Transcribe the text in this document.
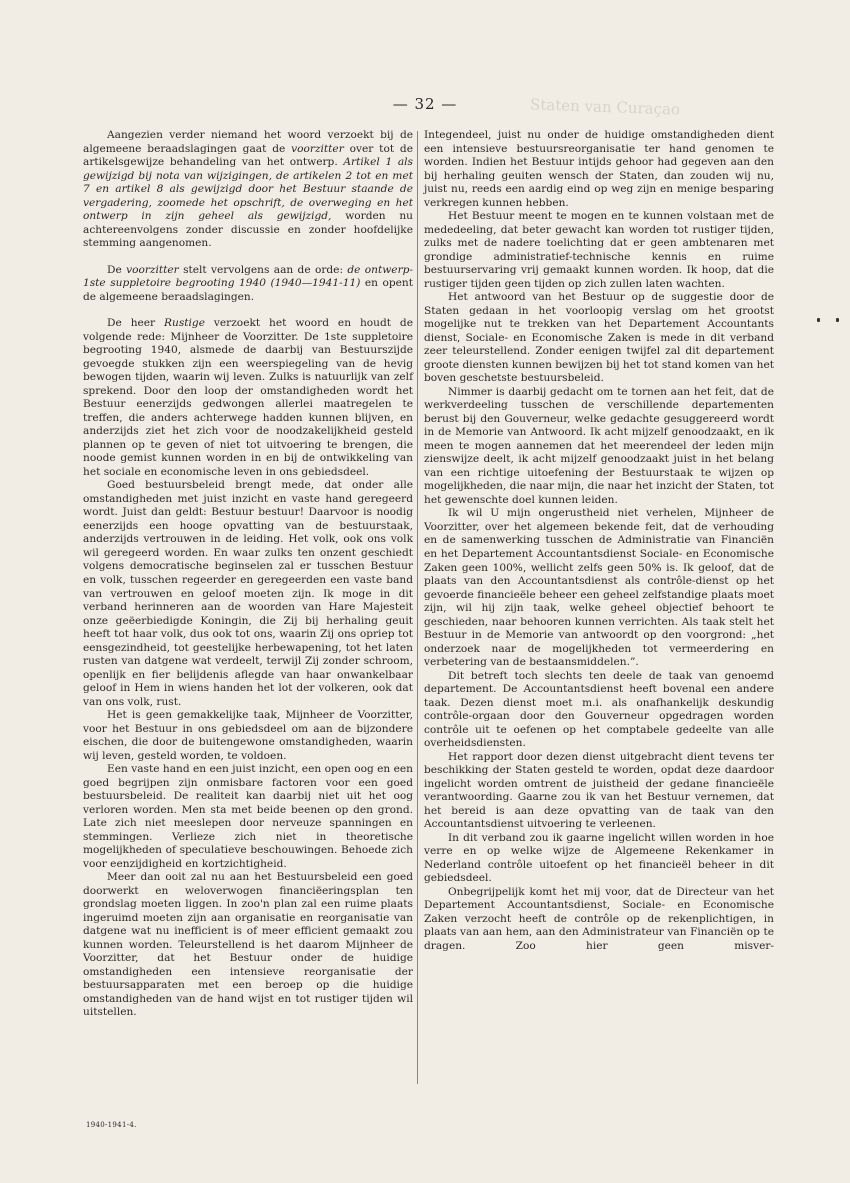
Staten van Curaçao
— 32 —

Aangezien verder niemand het woord verzoekt bij de algemeene beraadslagingen gaat de voorzitter over tot de artikelsgewijze behandeling van het ontwerp. Artikel 1 als gewijzigd bij nota van wijzigingen, de artikelen 2 tot en met 7 en artikel 8 als gewijzigd door het Bestuur staande de vergadering, zoomede het opschrift, de overweging en het ontwerp in zijn geheel als gewijzigd, worden nu achtereenvolgens zonder discussie en zonder hoofdelijke stemming aangenomen.

De voorzitter stelt vervolgens aan de orde: de ontwerp-1ste suppletoire begrooting 1940 (1940—1941-11) en opent de algemeene beraadslagingen.

De heer Rustige verzoekt het woord en houdt de volgende rede: Mijnheer de Voorzitter. De 1ste suppletoire begrooting 1940, alsmede de daarbij van Bestuurszijde gevoegde stukken zijn een weerspiegeling van de hevig bewogen tijden, waarin wij leven. Zulks is natuurlijk van zelf sprekend. Door den loop der omstandigheden wordt het Bestuur eenerzijds gedwongen allerlei maatregelen te treffen, die anders achterwege hadden kunnen blijven, en anderzijds ziet het zich voor de noodzakelijkheid gesteld plannen op te geven of niet tot uitvoering te brengen, die noode gemist kunnen worden in en bij de ontwikkeling van het sociale en economische leven in ons gebiedsdeel.

Goed bestuursbeleid brengt mede, dat onder alle omstandigheden met juist inzicht en vaste hand geregeerd wordt. Juist dan geldt: Bestuur bestuur! Daarvoor is noodig eenerzijds een hooge opvatting van de bestuurstaak, anderzijds vertrouwen in de leiding. Het volk, ook ons volk wil geregeerd worden. En waar zulks ten onzent geschiedt volgens democratische beginselen zal er tusschen Bestuur en volk, tusschen regeerder en geregeerden een vaste band van vertrouwen en geloof moeten zijn. Ik moge in dit verband herinneren aan de woorden van Hare Majesteit onze geëerbiedigde Koningin, die Zij bij herhaling geuit heeft tot haar volk, dus ook tot ons, waarin Zij ons opriep tot eensgezindheid, tot geestelijke herbewapening, tot het laten rusten van datgene wat verdeelt, terwijl Zij zonder schroom, openlijk en fier belijdenis aflegde van haar onwankelbaar geloof in Hem in wiens handen het lot der volkeren, ook dat van ons volk, rust.

Het is geen gemakkelijke taak, Mijnheer de Voorzitter, voor het Bestuur in ons gebiedsdeel om aan de bijzondere eischen, die door de buitengewone omstandigheden, waarin wij leven, gesteld worden, te voldoen.

Een vaste hand en een juist inzicht, een open oog en een goed begrijpen zijn onmisbare factoren voor een goed bestuursbeleid. De realiteit kan daarbij niet uit het oog verloren worden. Men sta met beide beenen op den grond. Late zich niet meeslepen door nerveuze spanningen en stemmingen. Verlieze zich niet in theoretische mogelijkheden of speculatieve beschouwingen. Behoede zich voor eenzijdigheid en kortzichtigheid.

Meer dan ooit zal nu aan het Bestuursbeleid een goed doorwerkt en weloverwogen financiëeringsplan ten grondslag moeten liggen. In zoo'n plan zal een ruime plaats ingeruimd moeten zijn aan organisatie en reorganisatie van datgene wat nu inefficient is of meer efficient gemaakt zou kunnen worden. Teleurstellend is het daarom Mijnheer de Voorzitter, dat het Bestuur onder de huidige omstandigheden een intensieve reorganisatie der bestuursapparaten met een beroep op die huidige omstandigheden van de hand wijst en tot rustiger tijden wil uitstellen.

Integendeel, juist nu onder de huidige omstandigheden dient een intensieve bestuursreorganisatie ter hand genomen te worden. Indien het Bestuur intijds gehoor had gegeven aan den bij herhaling geuiten wensch der Staten, dan zouden wij nu, juist nu, reeds een aardig eind op weg zijn en menige besparing verkregen kunnen hebben.

Het Bestuur meent te mogen en te kunnen volstaan met de mededeeling, dat beter gewacht kan worden tot rustiger tijden, zulks met de nadere toelichting dat er geen ambtenaren met grondige administratief-technische kennis en ruime bestuurservaring vrij gemaakt kunnen worden. Ik hoop, dat die rustiger tijden geen tijden op zich zullen laten wachten.

Het antwoord van het Bestuur op de suggestie door de Staten gedaan in het voorloopig verslag om het grootst mogelijke nut te trekken van het Departement Accountants dienst, Sociale- en Economische Zaken is mede in dit verband zeer teleurstellend. Zonder eenigen twijfel zal dit departement groote diensten kunnen bewijzen bij het tot stand komen van het boven geschetste bestuursbeleid.

Nimmer is daarbij gedacht om te tornen aan het feit, dat de werkverdeeling tusschen de verschillende departementen berust bij den Gouverneur, welke gedachte gesuggereerd wordt in de Memorie van Antwoord. Ik acht mijzelf genoodzaakt, en ik meen te mogen aannemen dat het meerendeel der leden mijn zienswijze deelt, ik acht mijzelf genoodzaakt juist in het belang van een richtige uitoefening der Bestuurstaak te wijzen op mogelijkheden, die naar mijn, die naar het inzicht der Staten, tot het gewenschte doel kunnen leiden.

Ik wil U mijn ongerustheid niet verhelen, Mijnheer de Voorzitter, over het algemeen bekende feit, dat de verhouding en de samenwerking tusschen de Administratie van Financiën en het Departement Accountantsdienst Sociale- en Economische Zaken geen 100%, wellicht zelfs geen 50% is. Ik geloof, dat de plaats van den Accountantsdienst als contrôle-dienst op het gevoerde financieële beheer een geheel zelfstandige plaats moet zijn, wil hij zijn taak, welke geheel objectief behoort te geschieden, naar behooren kunnen verrichten. Als taak stelt het Bestuur in de Memorie van antwoordt op den voorgrond: „het onderzoek naar de mogelijkheden tot vermeerdering en verbetering van de bestaansmiddelen.”.

Dit betreft toch slechts ten deele de taak van genoemd departement. De Accountantsdienst heeft bovenal een andere taak. Dezen dienst moet m.i. als onafhankelijk deskundig contrôle-orgaan door den Gouverneur opgedragen worden contrôle uit te oefenen op het comptabele gedeelte van alle overheidsdiensten.

Het rapport door dezen dienst uitgebracht dient tevens ter beschikking der Staten gesteld te worden, opdat deze daardoor ingelicht worden omtrent de juistheid der gedane financieële verantwoording. Gaarne zou ik van het Bestuur vernemen, dat het bereid is aan deze opvatting van de taak van den Accountantsdienst uitvoering te verleenen.

In dit verband zou ik gaarne ingelicht willen worden in hoe verre en op welke wijze de Algemeene Rekenkamer in Nederland contrôle uitoefent op het financieël beheer in dit gebiedsdeel.

Onbegrijpelijk komt het mij voor, dat de Directeur van het Departement Accountantsdienst, Sociale- en Economische Zaken verzocht heeft de contrôle op de rekenplichtigen, in plaats van aan hem, aan den Administrateur van Financiën op te dragen. Zoo hier geen misver-

1940-1941-4.
